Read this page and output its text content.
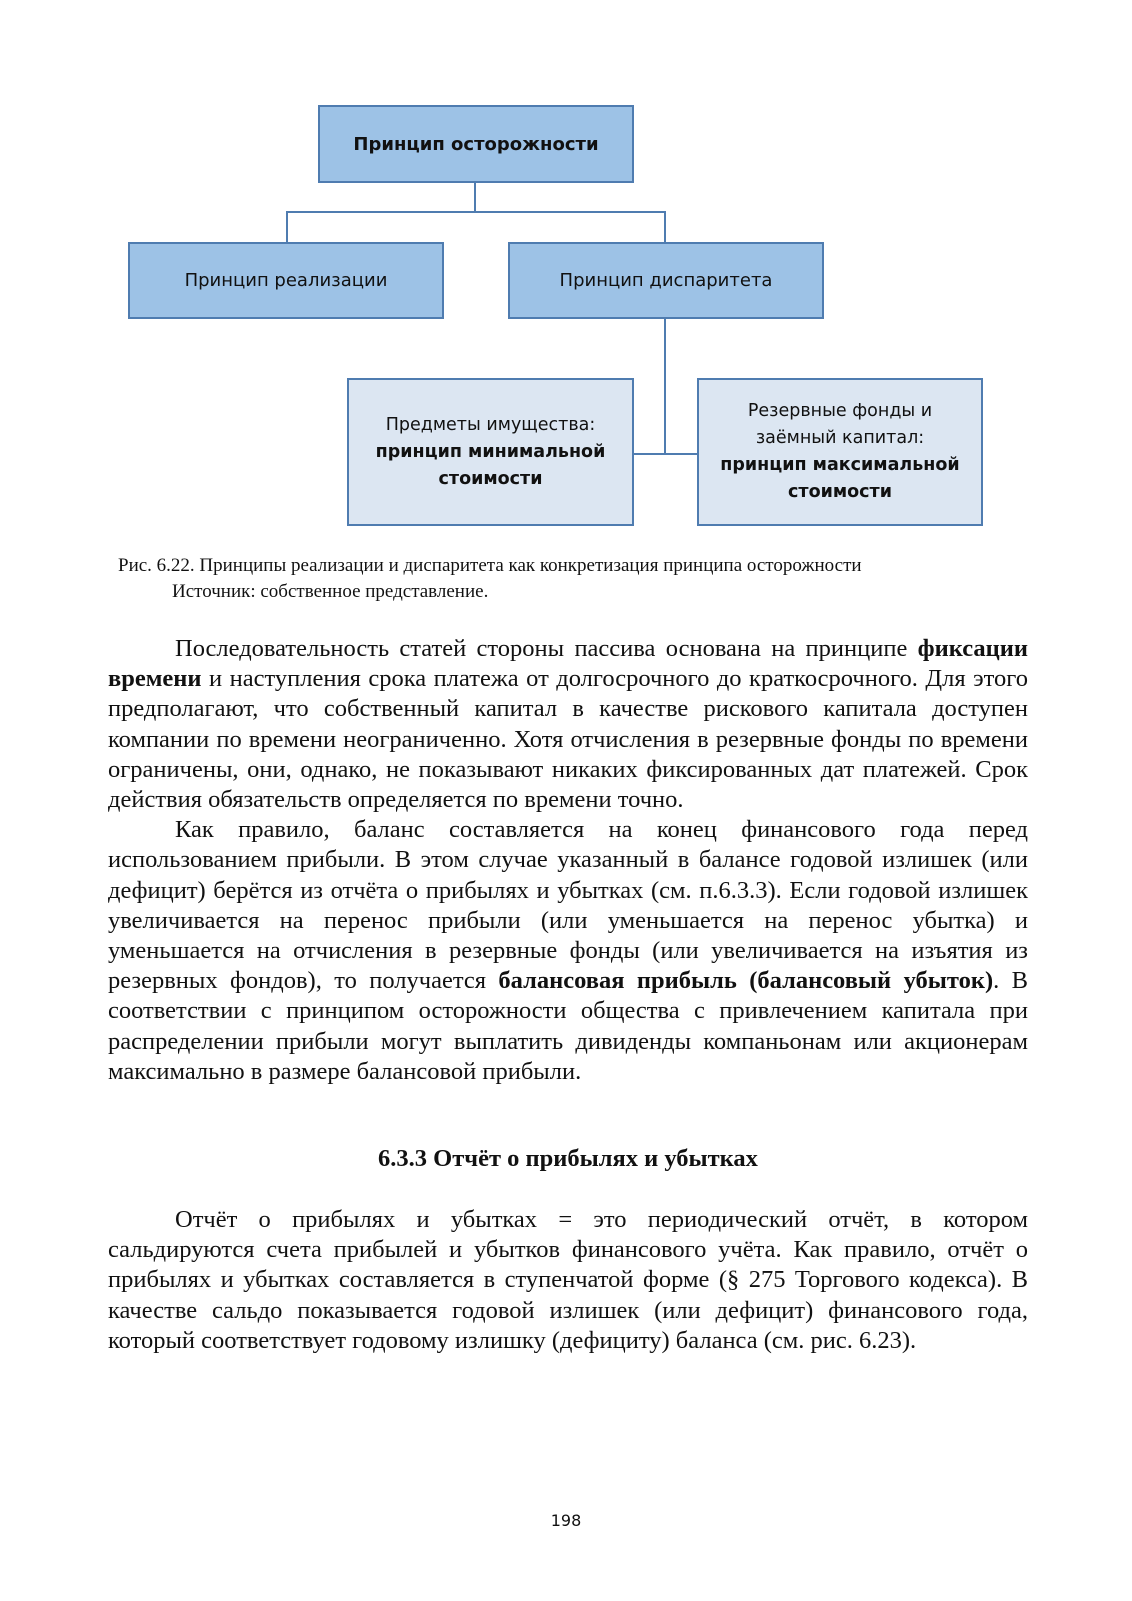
Принцип осторожности
Принцип реализации	Принцип диспаритета
Предметы имущества:
принцип минимальной
стоимости
Резервные фонды и
заёмный капитал:
принцип максимальной
стоимости
Рис. 6.22. Принципы реализации и диспаритета как конкретизация принципа осторожности
Источник: собственное представление.

Последовательность статей стороны пассива основана на принципе фиксации времени и наступления срока платежа от долгосрочного до краткосрочного. Для этого предполагают, что собственный капитал в качестве рискового капитала доступен компании по времени неограниченно. Хотя отчисления в резервные фонды по времени ограничены, они, однако, не показывают никаких фиксированных дат платежей. Срок действия обязательств определяется по времени точно.

Как правило, баланс составляется на конец финансового года перед использованием прибыли. В этом случае указанный в балансе годовой излишек (или дефицит) берётся из отчёта о прибылях и убытках (см. п.6.3.3). Если годовой излишек увеличивается на перенос прибыли (или уменьшается на перенос убытка) и уменьшается на отчисления в резервные фонды (или увеличивается на изъятия из резервных фондов), то получается балансовая прибыль (балансовый убыток). В соответствии с принципом осторожности общества с привлечением капитала при распределении прибыли могут выплатить дивиденды компаньонам или акционерам максимально в размере балансовой прибыли.

6.3.3 Отчёт о прибылях и убытках

Отчёт о прибылях и убытках = это периодический отчёт, в котором сальдируются счета прибылей и убытков финансового учёта. Как правило, отчёт о прибылях и убытках составляется в ступенчатой форме (§ 275 Торгового кодекса). В качестве сальдо показывается годовой излишек (или дефицит) финансового года, который соответствует годовому излишку (дефициту) баланса (см. рис. 6.23).

198
